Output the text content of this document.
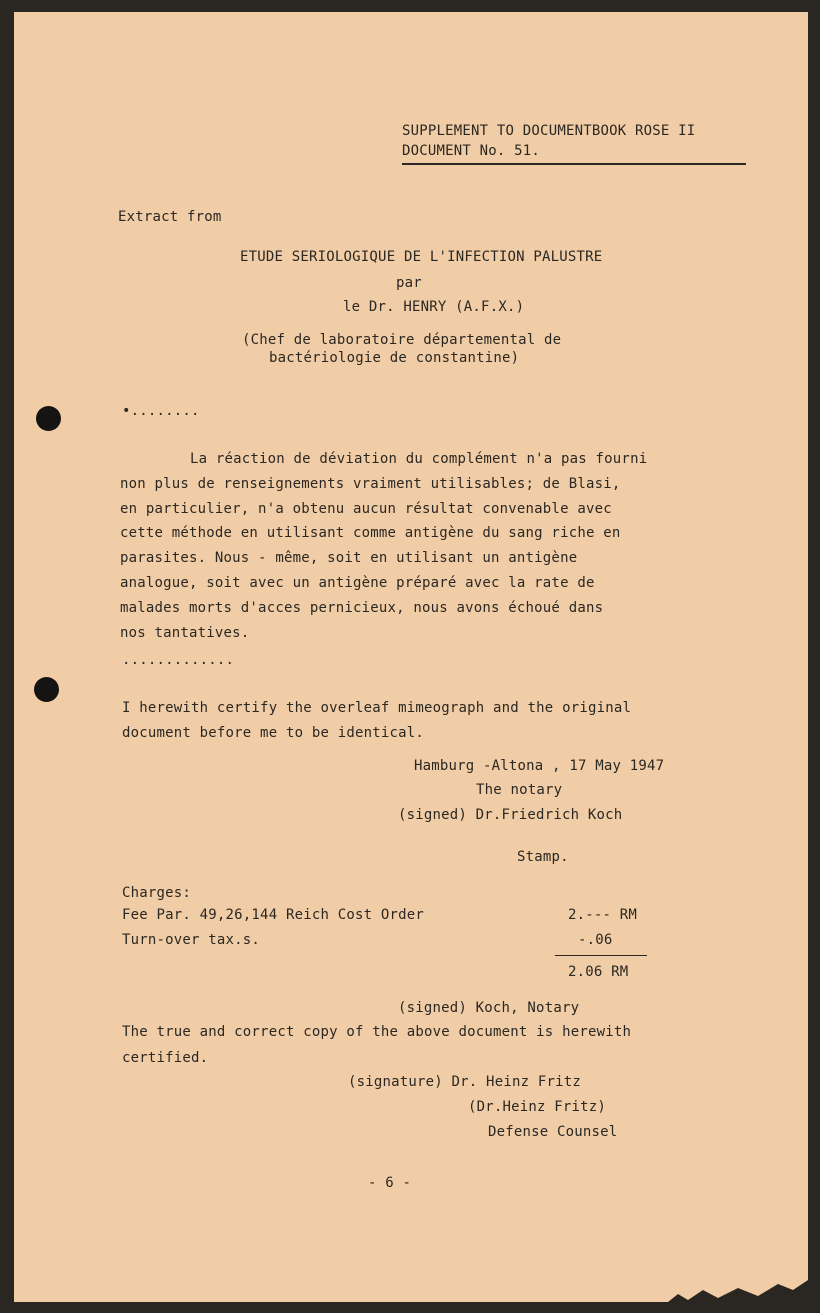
SUPPLEMENT TO DOCUMENTBOOK ROSE II
DOCUMENT No. 51.
Extract from
ETUDE SERIOLOGIQUE DE L'INFECTION PALUSTRE
par
le Dr. HENRY (A.F.X.)
(Chef de laboratoire départemental de
bactériologie de constantine)
•........
La réaction de déviation du complément n'a pas fourni
non plus de renseignements vraiment utilisables; de Blasi,
en particulier, n'a obtenu aucun résultat convenable avec
cette méthode en utilisant comme antigène du sang riche en
parasites. Nous - même, soit en utilisant un antigène
analogue, soit avec un antigène préparé avec la rate de
malades morts d'acces pernicieux, nous avons échoué dans
nos tantatives.
.............
I herewith certify the overleaf mimeograph and the original
document before me to be identical.
Hamburg -Altona , 17 May 1947
The notary
(signed) Dr.Friedrich Koch
Stamp.
Charges:
Fee Par. 49,26,144 Reich Cost Order	2.--- RM
Turn-over tax.s.	-.06
2.06 RM
(signed) Koch, Notary
The true and correct copy of the above document is herewith
certified.
(signature) Dr. Heinz Fritz
(Dr.Heinz Fritz)
Defense Counsel
- 6 -
